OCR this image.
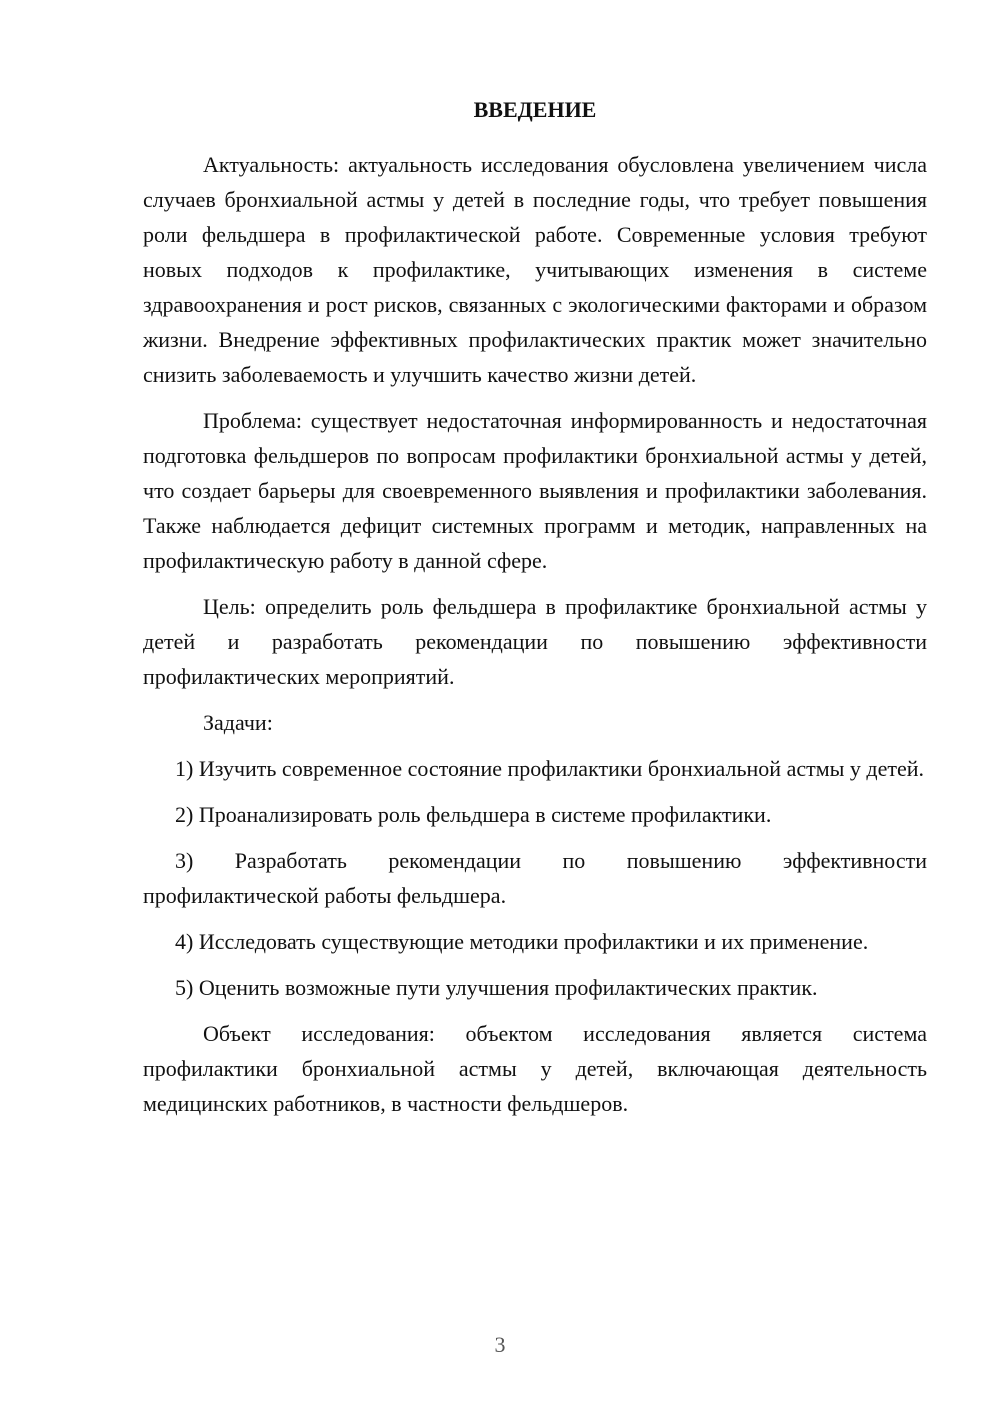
ВВЕДЕНИЕ

Актуальность: актуальность исследования обусловлена увеличением числа случаев бронхиальной астмы у детей в последние годы, что требует повышения роли фельдшера в профилактической работе. Современные условия требуют новых подходов к профилактике, учитывающих изменения в системе здравоохранения и рост рисков, связанных с экологическими факторами и образом жизни. Внедрение эффективных профилактических практик может значительно снизить заболеваемость и улучшить качество жизни детей.

Проблема: существует недостаточная информированность и недостаточная подготовка фельдшеров по вопросам профилактики бронхиальной астмы у детей, что создает барьеры для своевременного выявления и профилактики заболевания. Также наблюдается дефицит системных программ и методик, направленных на профилактическую работу в данной сфере.

Цель: определить роль фельдшера в профилактике бронхиальной астмы у детей и разработать рекомендации по повышению эффективности профилактических мероприятий.

Задачи:

1) Изучить современное состояние профилактики бронхиальной астмы у детей.

2) Проанализировать роль фельдшера в системе профилактики.

3) Разработать рекомендации по повышению эффективности профилактической работы фельдшера.

4) Исследовать существующие методики профилактики и их применение.

5) Оценить возможные пути улучшения профилактических практик.

Объект исследования: объектом исследования является система профилактики бронхиальной астмы у детей, включающая деятельность медицинских работников, в частности фельдшеров.

3
